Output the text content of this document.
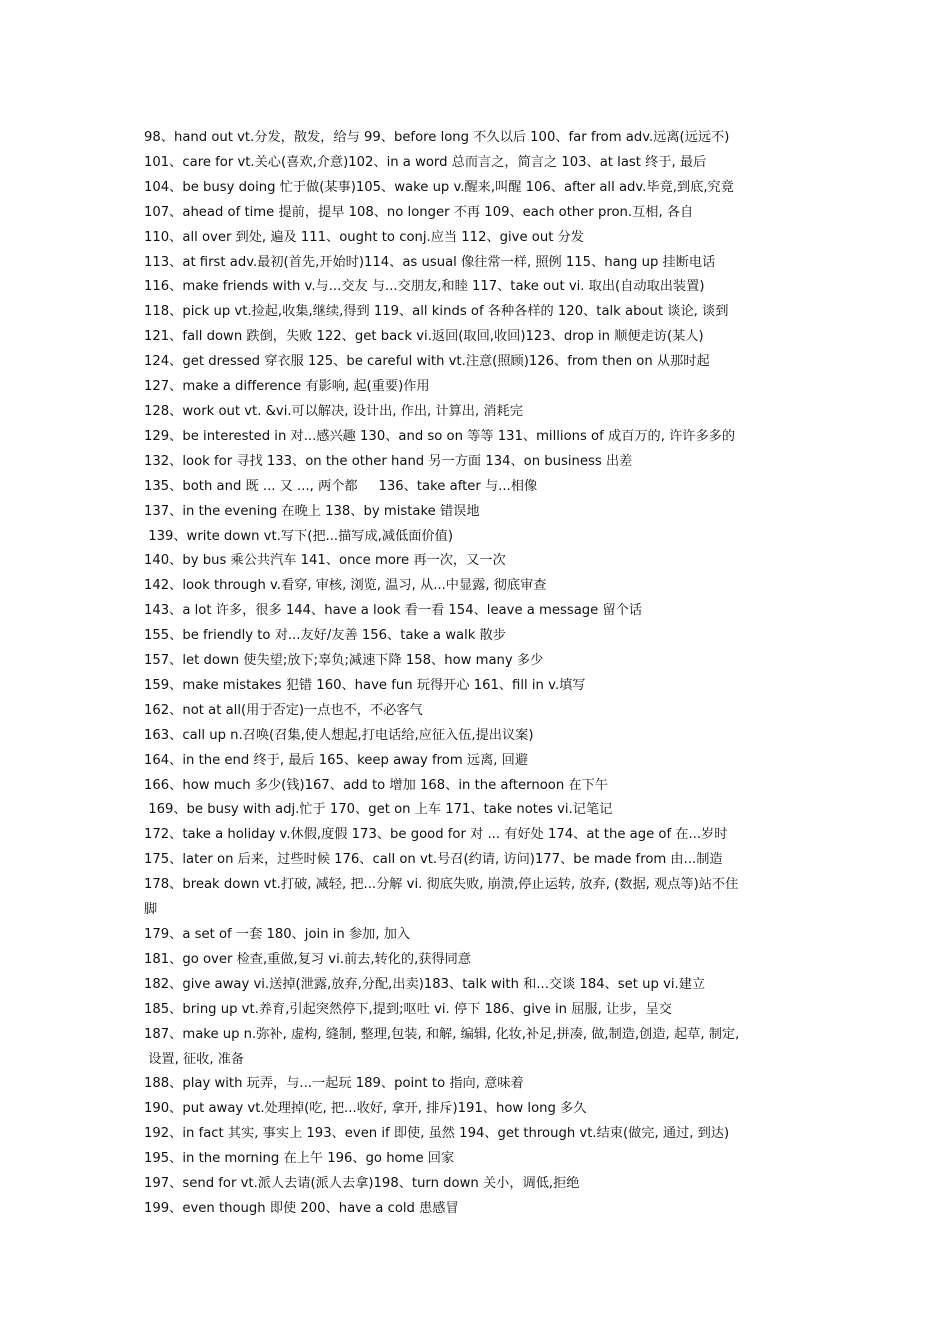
98、hand out vt.分发，散发，给与 99、before long 不久以后 100、far from adv.远离(远远不)
101、care for vt.关心(喜欢,介意)102、in a word 总而言之，简言之 103、at last 终于, 最后
104、be busy doing 忙于做(某事)105、wake up v.醒来,叫醒 106、after all adv.毕竟,到底,究竟
107、ahead of time 提前，提早 108、no longer 不再 109、each other pron.互相, 各自
110、all over 到处, 遍及 111、ought to conj.应当 112、give out 分发
113、at first adv.最初(首先,开始时)114、as usual 像往常一样, 照例 115、hang up 挂断电话
116、make friends with v.与...交友 与...交朋友,和睦 117、take out vi. 取出(自动取出装置)
118、pick up vt.捡起,收集,继续,得到 119、all kinds of 各种各样的 120、talk about 谈论, 谈到
121、fall down 跌倒，失败 122、get back vi.返回(取回,收回)123、drop in 顺便走访(某人)
124、get dressed 穿衣服 125、be careful with vt.注意(照顾)126、from then on 从那时起
127、make a difference 有影响, 起(重要)作用
128、work out vt. &vi.可以解决, 设计出, 作出, 计算出, 消耗完
129、be interested in 对...感兴趣 130、and so on 等等 131、millions of 成百万的, 许许多多的
132、look for 寻找 133、on the other hand 另一方面 134、on business 出差
135、both and 既 ... 又 ..., 两个都     136、take after 与...相像
137、in the evening 在晚上 138、by mistake 错误地
139、write down vt.写下(把...描写成,减低面价值)
140、by bus 乘公共汽车 141、once more 再一次，又一次
142、look through v.看穿, 审核, 浏览, 温习, 从...中显露, 彻底审查
143、a lot 许多，很多 144、have a look 看一看 154、leave a message 留个话
155、be friendly to 对...友好/友善 156、take a walk 散步
157、let down 使失望;放下;辜负;减速下降 158、how many 多少
159、make mistakes 犯错 160、have fun 玩得开心 161、fill in v.填写
162、not at all(用于否定)一点也不，不必客气
163、call up n.召唤(召集,使人想起,打电话给,应征入伍,提出议案)
164、in the end 终于, 最后 165、keep away from 远离, 回避
166、how much 多少(钱)167、add to 增加 168、in the afternoon 在下午
169、be busy with adj.忙于 170、get on 上车 171、take notes vi.记笔记
172、take a holiday v.休假,度假 173、be good for 对 ... 有好处 174、at the age of 在...岁时
175、later on 后来，过些时候 176、call on vt.号召(约请, 访问)177、be made from 由...制造
178、break down vt.打破, 减轻, 把...分解 vi. 彻底失败, 崩溃,停止运转, 放弃, (数据, 观点等)站不住
脚
179、a set of 一套 180、join in 参加, 加入
181、go over 检查,重做,复习 vi.前去,转化的,获得同意
182、give away vi.送掉(泄露,放弃,分配,出卖)183、talk with 和...交谈 184、set up vi.建立
185、bring up vt.养育,引起突然停下,提到;呕吐 vi. 停下 186、give in 屈服, 让步，呈交
187、make up n.弥补, 虚构, 缝制, 整理,包装, 和解, 编辑, 化妆,补足,拼凑, 做,制造,创造, 起草, 制定,
设置, 征收, 准备
188、play with 玩弄，与...一起玩 189、point to 指向, 意味着
190、put away vt.处理掉(吃, 把...收好, 拿开, 排斥)191、how long 多久
192、in fact 其实, 事实上 193、even if 即使, 虽然 194、get through vt.结束(做完, 通过, 到达)
195、in the morning 在上午 196、go home 回家
197、send for vt.派人去请(派人去拿)198、turn down 关小，调低,拒绝
199、even though 即使 200、have a cold 患感冒
